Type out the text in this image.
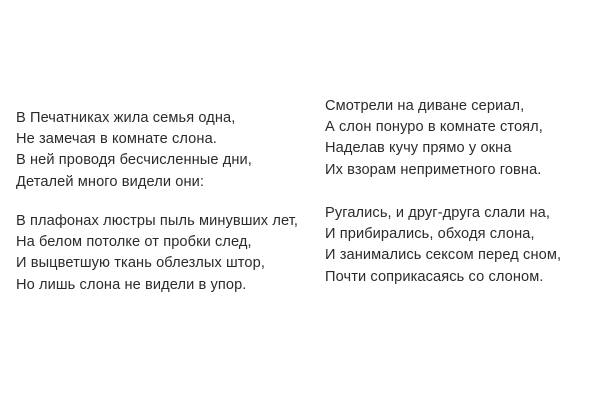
В Печатниках жила семья одна,
Не замечая в комнате слона.
В ней проводя бесчисленные дни,
Деталей много видели они:
В плафонах люстры пыль минувших лет,
На белом потолке от пробки след,
И выцветшую ткань облезлых штор,
Но лишь слона не видели в упор.
Смотрели на диване сериал,
А слон понуро в комнате стоял,
Наделав кучу прямо у окна
Их взорам неприметного говна.
Ругались, и друг-друга слали на,
И прибирались, обходя слона,
И занимались сексом перед сном,
Почти соприкасаясь со слоном.
